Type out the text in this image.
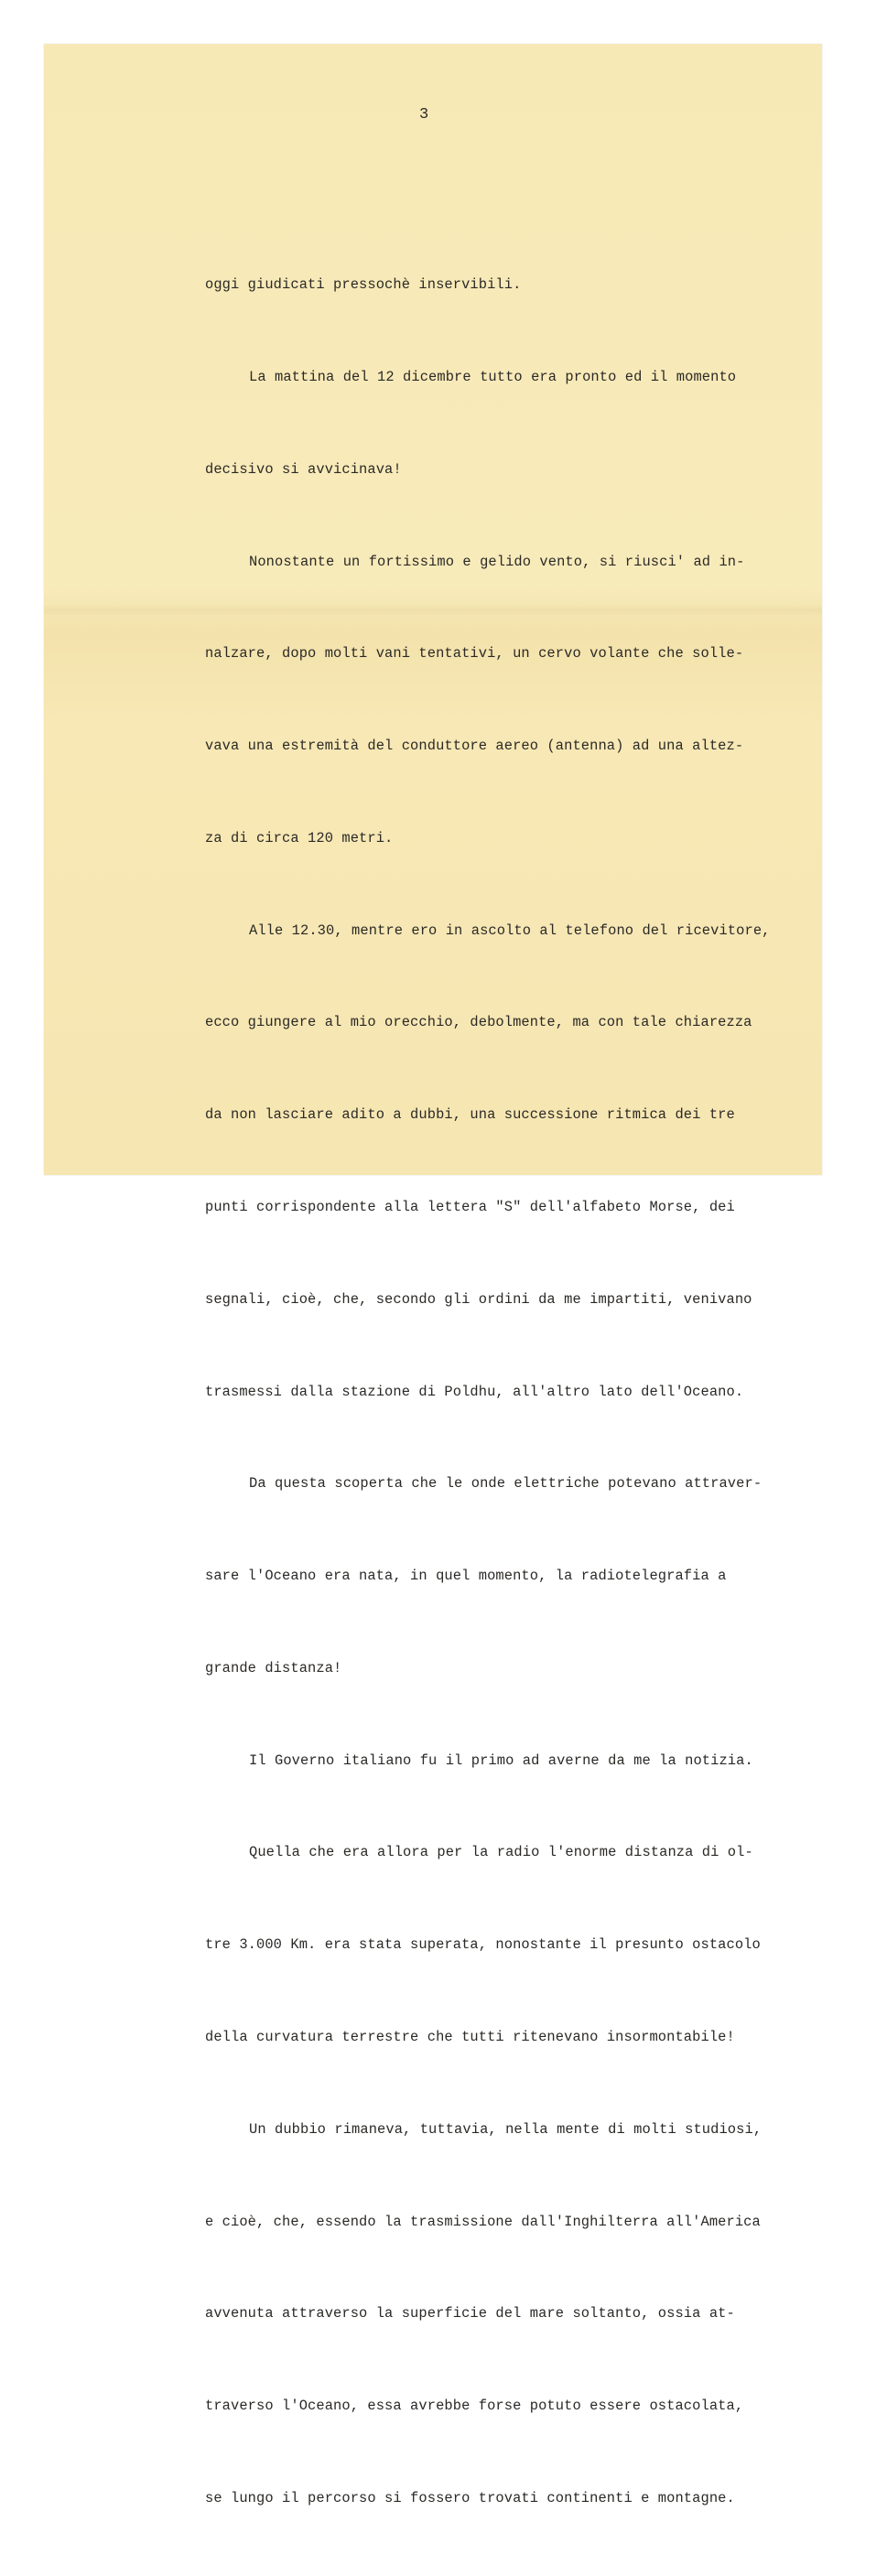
3

oggi giudicati pressochè inservibili.

La mattina del 12 dicembre tutto era pronto ed il momento

decisivo si avvicinava!

Nonostante un fortissimo e gelido vento, si riusci' ad in-

nalzare, dopo molti vani tentativi, un cervo volante che solle-

vava una estremità del conduttore aereo (antenna) ad una altez-

za di circa 120 metri.

Alle 12.30, mentre ero in ascolto al telefono del ricevitore,

ecco giungere al mio orecchio, debolmente, ma con tale chiarezza

da non lasciare adito a dubbi, una successione ritmica dei tre

punti corrispondente alla lettera "S" dell'alfabeto Morse, dei

segnali, cioè, che, secondo gli ordini da me impartiti, venivano

trasmessi dalla stazione di Poldhu, all'altro lato dell'Oceano.

Da questa scoperta che le onde elettriche potevano attraver-

sare l'Oceano era nata, in quel momento, la radiotelegrafia a

grande distanza!

Il Governo italiano fu il primo ad averne da me la notizia.

Quella che era allora per la radio l'enorme distanza di ol-

tre 3.000 Km. era stata superata, nonostante il presunto ostacolo

della curvatura terrestre che tutti ritenevano insormontabile!

Un dubbio rimaneva, tuttavia, nella mente di molti studiosi,

e cioè, che, essendo la trasmissione dall'Inghilterra all'America

avvenuta attraverso la superficie del mare soltanto, ossia at-

traverso l'Oceano, essa avrebbe forse potuto essere ostacolata,

se lungo il percorso si fossero trovati continenti e montagne.
